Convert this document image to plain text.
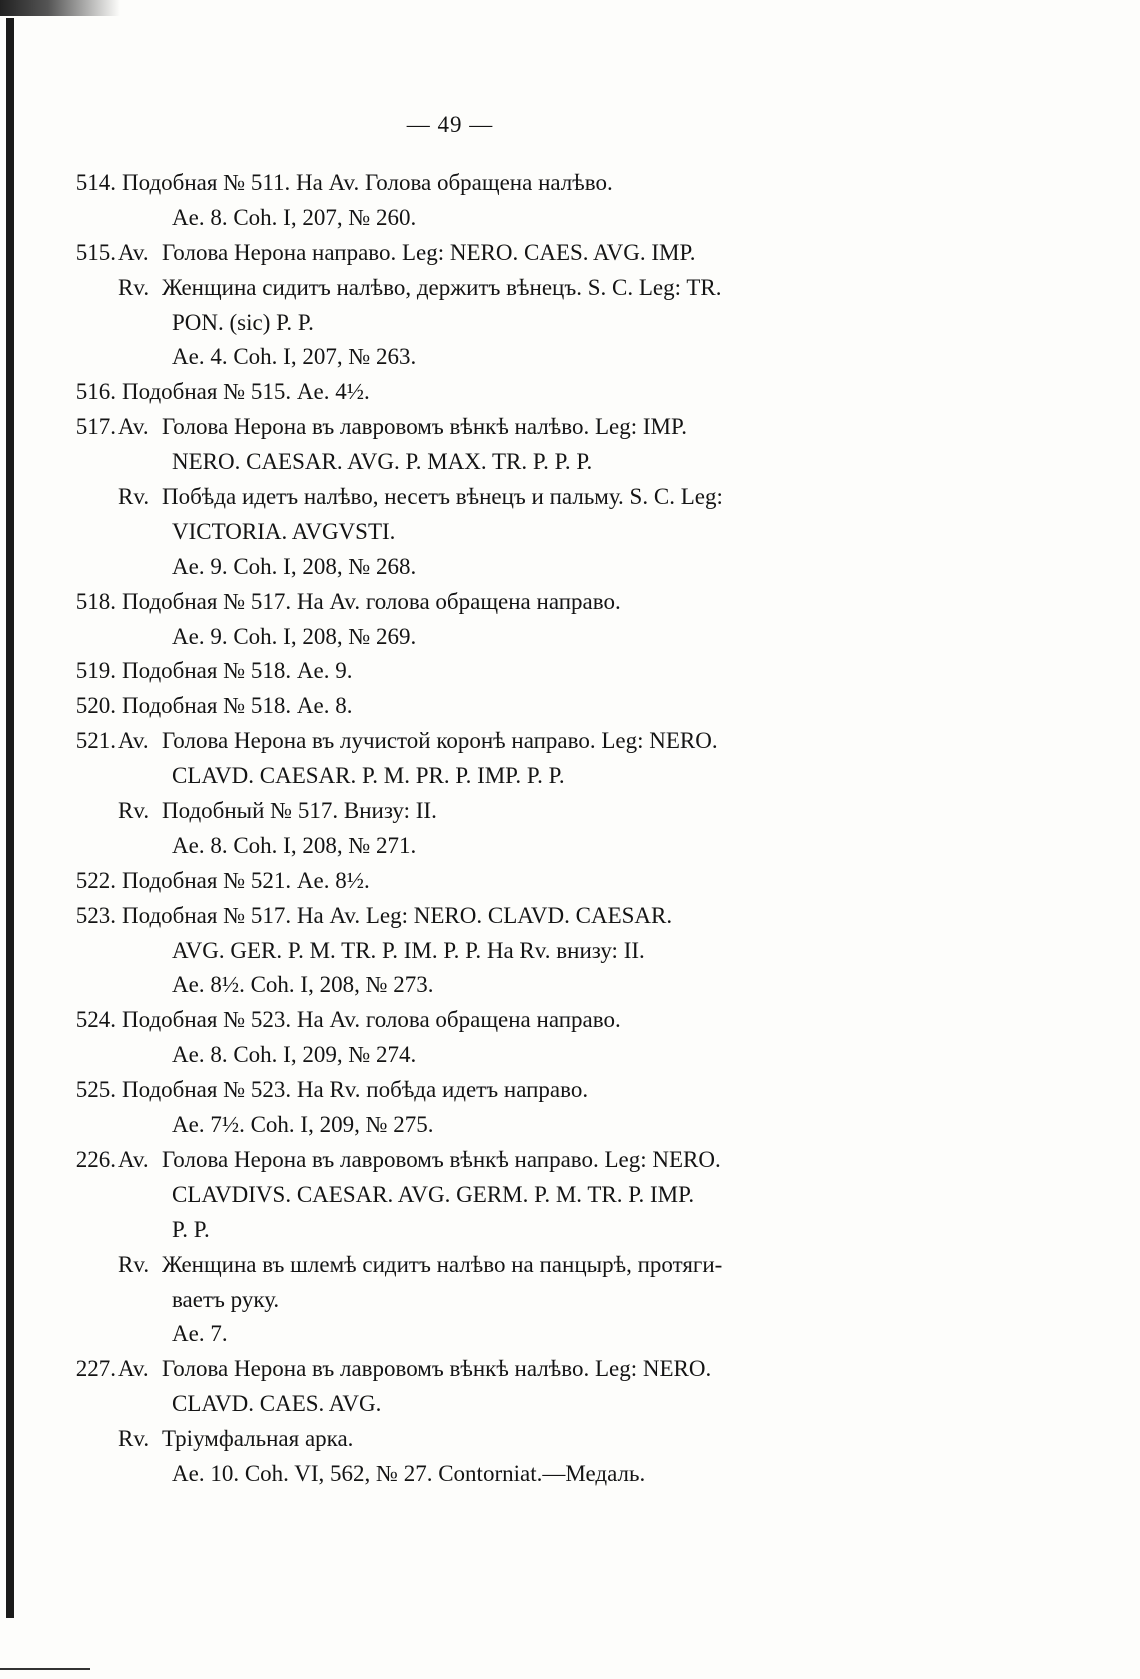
— 49 —
514. Подобная № 511. На Av. Голова обращена налѣво.
Ae. 8. Coh. I, 207, № 260.
515. Av. Голова Нерона направо. Leg: NERO. CAES. AVG. IMP.
Rv. Женщина сидитъ налѣво, держитъ вѣнецъ. S. C. Leg: TR.
PON. (sic) P. P.
Ae. 4. Coh. I, 207, № 263.
516. Подобная № 515. Ae. 4½.
517. Av. Голова Нерона въ лавровомъ вѣнкѣ налѣво. Leg: IMP.
NERO. CAESAR. AVG. P. MAX. TR. P. P. P.
Rv. Побѣда идетъ налѣво, несетъ вѣнецъ и пальму. S. C. Leg:
VICTORIA. AVGVSTI.
Ae. 9. Coh. I, 208, № 268.
518. Подобная № 517. На Av. голова обращена направо.
Ae. 9. Coh. I, 208, № 269.
519. Подобная № 518. Ae. 9.
520. Подобная № 518. Ae. 8.
521. Av. Голова Нерона въ лучистой коронѣ направо. Leg: NERO.
CLAVD. CAESAR. P. M. PR. P. IMP. P. P.
Rv. Подобный № 517. Внизу: II.
Ae. 8. Coh. I, 208, № 271.
522. Подобная № 521. Ae. 8½.
523. Подобная № 517. На Av. Leg: NERO. CLAVD. CAESAR.
AVG. GER. P. M. TR. P. IM. P. P. На Rv. внизу: II.
Ae. 8½. Coh. I, 208, № 273.
524. Подобная № 523. На Av. голова обращена направо.
Ae. 8. Coh. I, 209, № 274.
525. Подобная № 523. На Rv. побѣда идетъ направо.
Ae. 7½. Coh. I, 209, № 275.
226. Av. Голова Нерона въ лавровомъ вѣнкѣ направо. Leg: NERO.
CLAVDIVS. CAESAR. AVG. GERM. P. M. TR. P. IMP.
P. P.
Rv. Женщина въ шлемѣ сидитъ налѣво на панцырѣ, протяги-
ваетъ руку.
Ae. 7.
227. Av. Голова Нерона въ лавровомъ вѣнкѣ налѣво. Leg: NERO.
CLAVD. CAES. AVG.
Rv. Тріумфальная арка.
Ae. 10. Coh. VI, 562, № 27. Contorniat.—Медаль.
